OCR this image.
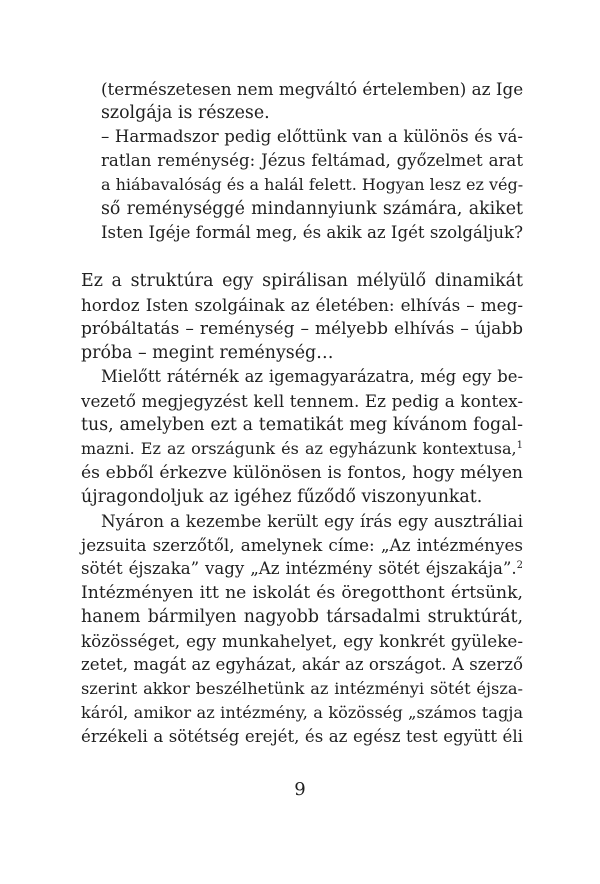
(természetesen nem megváltó értelemben) az Ige
szolgája is részese.
– Harmadszor pedig előttünk van a különös és vá-
ratlan reménység: Jézus feltámad, győzelmet arat
a hiábavalóság és a halál felett. Hogyan lesz ez vég-
ső reménységgé mindannyiunk számára, akiket
Isten Igéje formál meg, és akik az Igét szolgáljuk?
Ez a struktúra egy spirálisan mélyülő dinamikát
hordoz Isten szolgáinak az életében: elhívás – meg-
próbáltatás – reménység – mélyebb elhívás – újabb
próba – megint reménység…
Mielőtt rátérnék az igemagyarázatra, még egy be-
vezető megjegyzést kell tennem. Ez pedig a kontex-
tus, amelyben ezt a tematikát meg kívánom fogal-
mazni. Ez az országunk és az egyházunk kontextusa,$^1$
és ebből érkezve különösen is fontos, hogy mélyen
újragondoljuk az igéhez fűződő viszonyunkat.
Nyáron a kezembe került egy írás egy ausztráliai
jezsuita szerzőtől, amelynek címe: „Az intézményes
sötét éjszaka” vagy „Az intézmény sötét éjszakája”.$^2$
Intézményen itt ne iskolát és öregotthont értsünk,
hanem bármilyen nagyobb társadalmi struktúrát,
közösséget, egy munkahelyet, egy konkrét gyüleke-
zetet, magát az egyházat, akár az országot. A szerző
szerint akkor beszélhetünk az intézményi sötét éjsza-
káról, amikor az intézmény, a közösség „számos tagja
érzékeli a sötétség erejét, és az egész test együtt éli
9
